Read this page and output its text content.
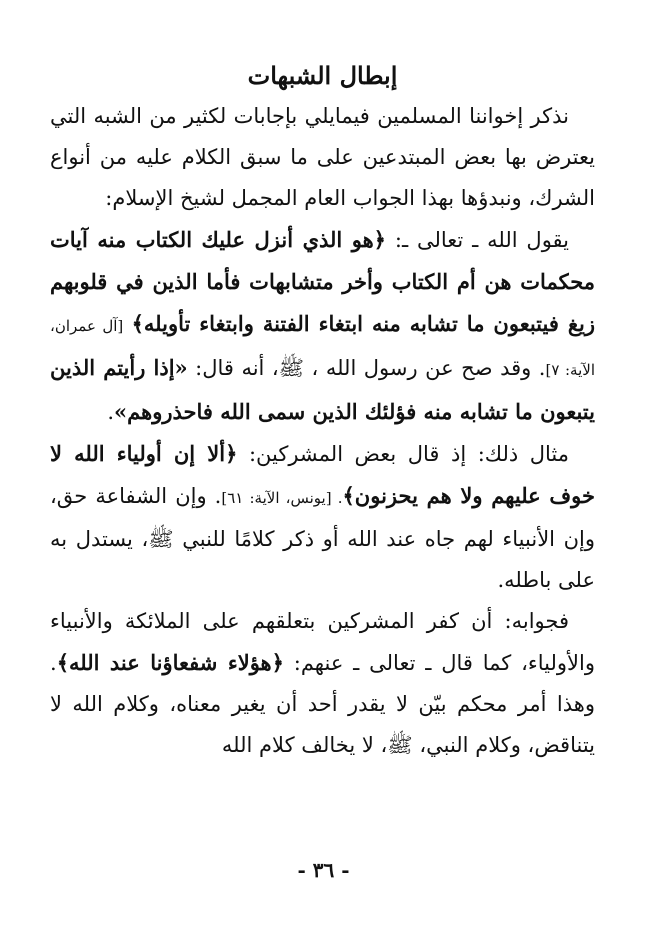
إبطال الشبهات

نذكر إخواننا المسلمين فيمايلي بإجابات لكثير من الشبه التي يعترض بها بعض المبتدعين على ما سبق الكلام عليه من أنواع الشرك، ونبدؤها بهذا الجواب العام المجمل لشيخ الإسلام:

يقول الله ـ تعالى ـ: ﴿هو الذي أنزل عليك الكتاب منه آيات محكمات هن أم الكتاب وأخر متشابهات فأما الذين في قلوبهم زيغ فيتبعون ما تشابه منه ابتغاء الفتنة وابتغاء تأويله﴾ [آل عمران، الآية: ٧]. وقد صح عن رسول الله ، ﷺ، أنه قال: «إذا رأيتم الذين يتبعون ما تشابه منه فؤلئك الذين سمى الله فاحذروهم».

مثال ذلك: إذ قال بعض المشركين: ﴿ألا إن أولياء الله لا خوف عليهم ولا هم يحزنون﴾. [يونس، الآية: ٦١]. وإن الشفاعة حق، وإن الأنبياء لهم جاه عند الله أو ذكر كلامًا للنبي ﷺ، يستدل به على باطله.

فجوابه: أن كفر المشركين بتعلقهم على الملائكة والأنبياء والأولياء، كما قال ـ تعالى ـ عنهم: ﴿هؤلاء شفعاؤنا عند الله﴾. وهذا أمر محكم بيّن لا يقدر أحد أن يغير معناه، وكلام الله لا يتناقض، وكلام النبي، ﷺ، لا يخالف كلام الله

- ٣٦ -
